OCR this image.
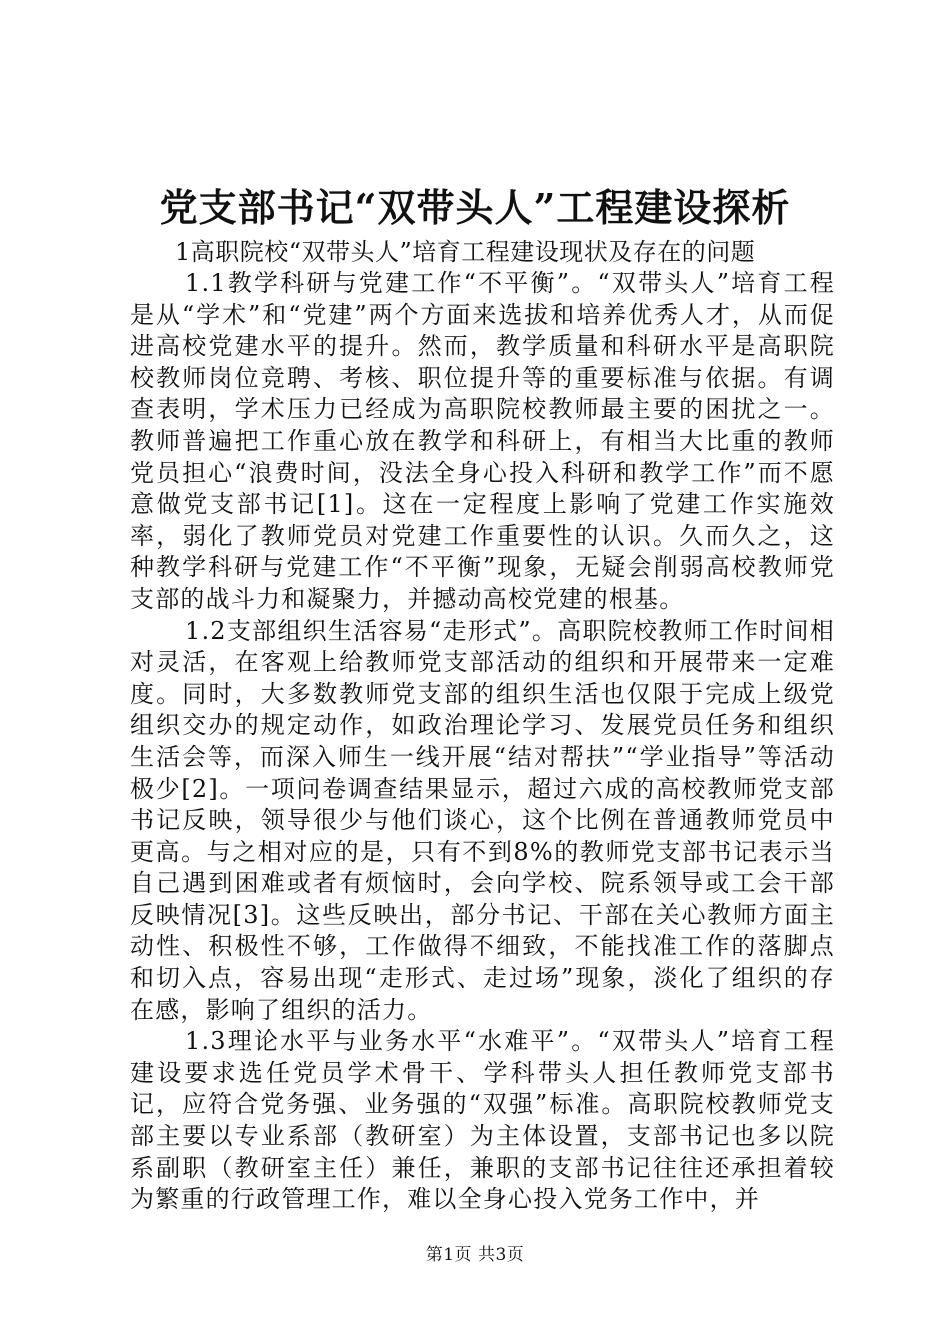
党支部书记“双带头人”工程建设探析

1高职院校“双带头人”培育工程建设现状及存在的问题

1.1教学科研与党建工作“不平衡”。“双带头人”培育工程是从“学术”和“党建”两个方面来选拔和培养优秀人才，从而促进高校党建水平的提升。然而，教学质量和科研水平是高职院校教师岗位竞聘、考核、职位提升等的重要标准与依据。有调查表明，学术压力已经成为高职院校教师最主要的困扰之一。教师普遍把工作重心放在教学和科研上，有相当大比重的教师党员担心“浪费时间，没法全身心投入科研和教学工作”而不愿意做党支部书记[1]。这在一定程度上影响了党建工作实施效率，弱化了教师党员对党建工作重要性的认识。久而久之，这种教学科研与党建工作“不平衡”现象，无疑会削弱高校教师党支部的战斗力和凝聚力，并撼动高校党建的根基。

1.2支部组织生活容易“走形式”。高职院校教师工作时间相对灵活，在客观上给教师党支部活动的组织和开展带来一定难度。同时，大多数教师党支部的组织生活也仅限于完成上级党组织交办的规定动作，如政治理论学习、发展党员任务和组织生活会等，而深入师生一线开展“结对帮扶”“学业指导”等活动极少[2]。一项问卷调查结果显示，超过六成的高校教师党支部书记反映，领导很少与他们谈心，这个比例在普通教师党员中更高。与之相对应的是，只有不到8%的教师党支部书记表示当自己遇到困难或者有烦恼时，会向学校、院系领导或工会干部反映情况[3]。这些反映出，部分书记、干部在关心教师方面主动性、积极性不够，工作做得不细致，不能找准工作的落脚点和切入点，容易出现“走形式、走过场”现象，淡化了组织的存在感，影响了组织的活力。

1.3理论水平与业务水平“水难平”。“双带头人”培育工程建设要求选任党员学术骨干、学科带头人担任教师党支部书记，应符合党务强、业务强的“双强”标准。高职院校教师党支部主要以专业系部（教研室）为主体设置，支部书记也多以院系副职（教研室主任）兼任，兼职的支部书记往往还承担着较为繁重的行政管理工作，难以全身心投入党务工作中，并

第1页 共3页
